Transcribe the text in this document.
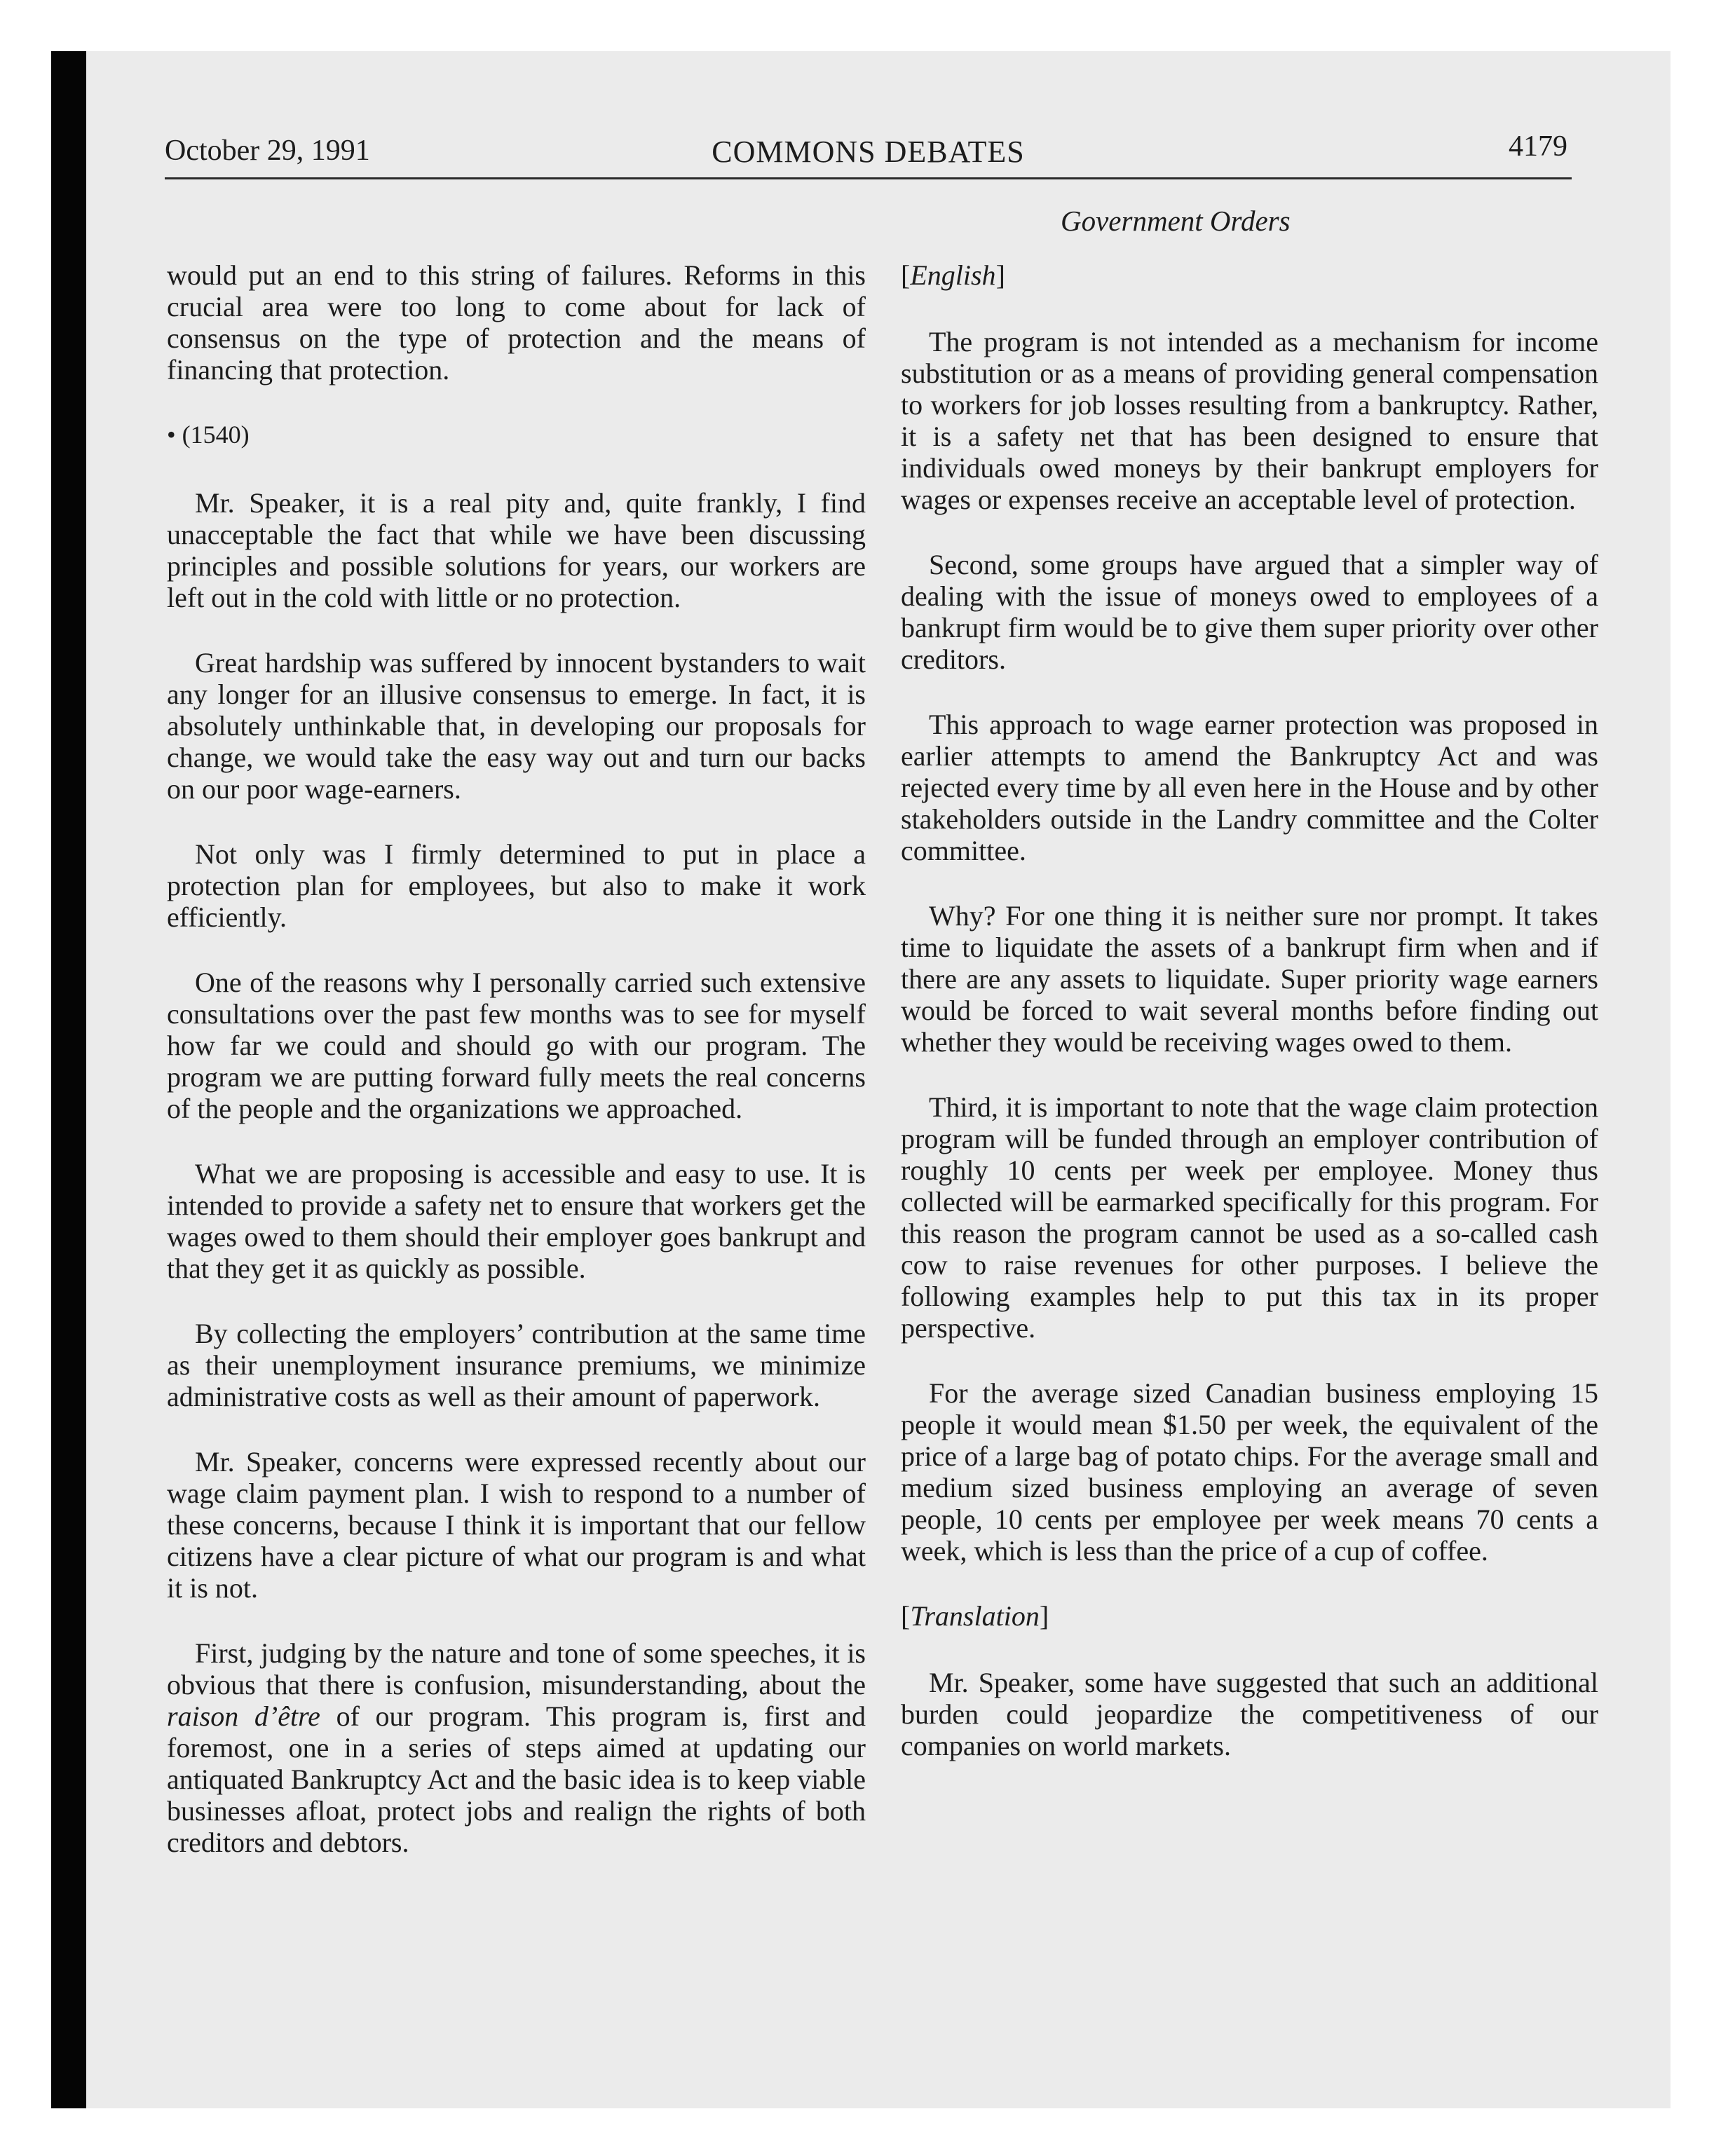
October 29, 1991	COMMONS DEBATES	4179
Government Orders

would put an end to this string of failures. Reforms in this crucial area were too long to come about for lack of consensus on the type of protection and the means of financing that protection.

• (1540)

Mr. Speaker, it is a real pity and, quite frankly, I find unacceptable the fact that while we have been discussing principles and possible solutions for years, our workers are left out in the cold with little or no protection.

Great hardship was suffered by innocent bystanders to wait any longer for an illusive consensus to emerge. In fact, it is absolutely unthinkable that, in developing our proposals for change, we would take the easy way out and turn our backs on our poor wage-earners.

Not only was I firmly determined to put in place a protection plan for employees, but also to make it work efficiently.

One of the reasons why I personally carried such extensive consultations over the past few months was to see for myself how far we could and should go with our program. The program we are putting forward fully meets the real concerns of the people and the organizations we approached.

What we are proposing is accessible and easy to use. It is intended to provide a safety net to ensure that workers get the wages owed to them should their employer goes bankrupt and that they get it as quickly as possible.

By collecting the employers’ contribution at the same time as their unemployment insurance premiums, we minimize administrative costs as well as their amount of paperwork.

Mr. Speaker, concerns were expressed recently about our wage claim payment plan. I wish to respond to a number of these concerns, because I think it is important that our fellow citizens have a clear picture of what our program is and what it is not.

First, judging by the nature and tone of some speeches, it is obvious that there is confusion, misunderstanding, about the raison d’être of our program. This program is, first and foremost, one in a series of steps aimed at updating our antiquated Bankruptcy Act and the basic idea is to keep viable businesses afloat, protect jobs and realign the rights of both creditors and debtors.

[English]

The program is not intended as a mechanism for income substitution or as a means of providing general compensation to workers for job losses resulting from a bankruptcy. Rather, it is a safety net that has been designed to ensure that individuals owed moneys by their bankrupt employers for wages or expenses receive an acceptable level of protection.

Second, some groups have argued that a simpler way of dealing with the issue of moneys owed to employees of a bankrupt firm would be to give them super priority over other creditors.

This approach to wage earner protection was proposed in earlier attempts to amend the Bankruptcy Act and was rejected every time by all even here in the House and by other stakeholders outside in the Landry committee and the Colter committee.

Why? For one thing it is neither sure nor prompt. It takes time to liquidate the assets of a bankrupt firm when and if there are any assets to liquidate. Super priority wage earners would be forced to wait several months before finding out whether they would be receiving wages owed to them.

Third, it is important to note that the wage claim protection program will be funded through an employer contribution of roughly 10 cents per week per employee. Money thus collected will be earmarked specifically for this program. For this reason the program cannot be used as a so-called cash cow to raise revenues for other purposes. I believe the following examples help to put this tax in its proper perspective.

For the average sized Canadian business employing 15 people it would mean $1.50 per week, the equivalent of the price of a large bag of potato chips. For the average small and medium sized business employing an average of seven people, 10 cents per employee per week means 70 cents a week, which is less than the price of a cup of coffee.

[Translation]

Mr. Speaker, some have suggested that such an additional burden could jeopardize the competitiveness of our companies on world markets.
